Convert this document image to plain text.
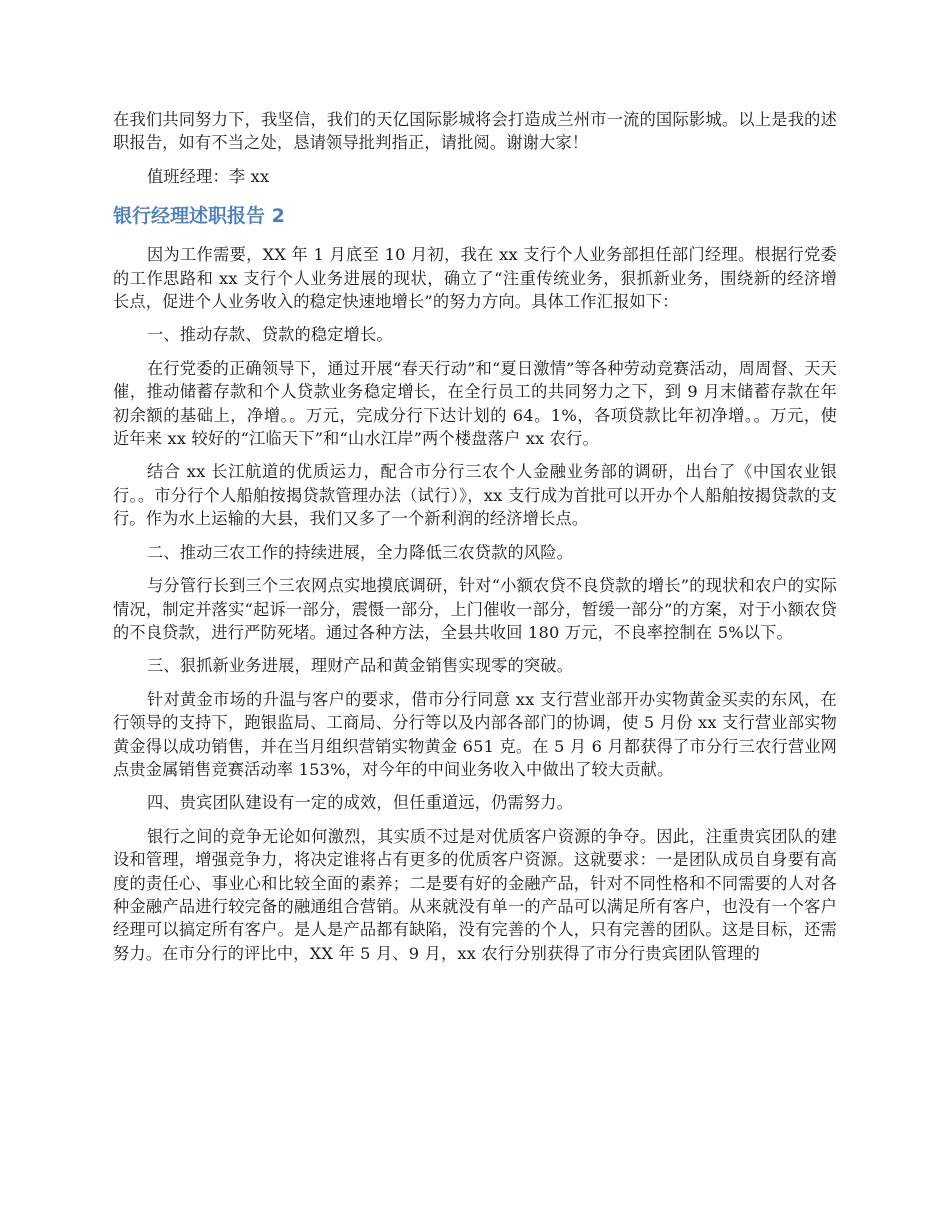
在我们共同努力下，我坚信，我们的天亿国际影城将会打造成兰州市一流的国际影城。以上是我的述职报告，如有不当之处，恳请领导批判指正，请批阅。谢谢大家！

值班经理：李 xx

银行经理述职报告 2

因为工作需要，XX 年 1 月底至 10 月初，我在 xx 支行个人业务部担任部门经理。根据行党委的工作思路和 xx 支行个人业务进展的现状，确立了“注重传统业务，狠抓新业务，围绕新的经济增长点，促进个人业务收入的稳定快速地增长”的努力方向。具体工作汇报如下：

一、推动存款、贷款的稳定增长。

在行党委的正确领导下，通过开展“春天行动”和“夏日激情”等各种劳动竞赛活动，周周督、天天催，推动储蓄存款和个人贷款业务稳定增长，在全行员工的共同努力之下，到 9 月末储蓄存款在年初余额的基础上，净增。。万元，完成分行下达计划的 64。1%，各项贷款比年初净增。。万元，使近年来 xx 较好的“江临天下”和“山水江岸”两个楼盘落户 xx 农行。

结合 xx 长江航道的优质运力，配合市分行三农个人金融业务部的调研，出台了《中国农业银行。。市分行个人船舶按揭贷款管理办法（试行）》，xx 支行成为首批可以开办个人船舶按揭贷款的支行。作为水上运输的大县，我们又多了一个新利润的经济增长点。

二、推动三农工作的持续进展，全力降低三农贷款的风险。

与分管行长到三个三农网点实地摸底调研，针对“小额农贷不良贷款的增长”的现状和农户的实际情况，制定并落实“起诉一部分，震慑一部分，上门催收一部分，暂缓一部分”的方案，对于小额农贷的不良贷款，进行严防死堵。通过各种方法，全县共收回 180 万元，不良率控制在 5%以下。

三、狠抓新业务进展，理财产品和黄金销售实现零的突破。

针对黄金市场的升温与客户的要求，借市分行同意 xx 支行营业部开办实物黄金买卖的东风，在行领导的支持下，跑银监局、工商局、分行等以及内部各部门的协调，使 5 月份 xx 支行营业部实物黄金得以成功销售，并在当月组织营销实物黄金 651 克。在 5 月 6 月都获得了市分行三农行营业网点贵金属销售竞赛活动率 153%，对今年的中间业务收入中做出了较大贡献。

四、贵宾团队建设有一定的成效，但任重道远，仍需努力。

银行之间的竞争无论如何激烈，其实质不过是对优质客户资源的争夺。因此，注重贵宾团队的建设和管理，增强竞争力，将决定谁将占有更多的优质客户资源。这就要求：一是团队成员自身要有高度的责任心、事业心和比较全面的素养；二是要有好的金融产品，针对不同性格和不同需要的人对各种金融产品进行较完备的融通组合营销。从来就没有单一的产品可以满足所有客户，也没有一个客户经理可以搞定所有客户。是人是产品都有缺陷，没有完善的个人，只有完善的团队。这是目标，还需努力。在市分行的评比中，XX 年 5 月、9 月，xx 农行分别获得了市分行贵宾团队管理的
